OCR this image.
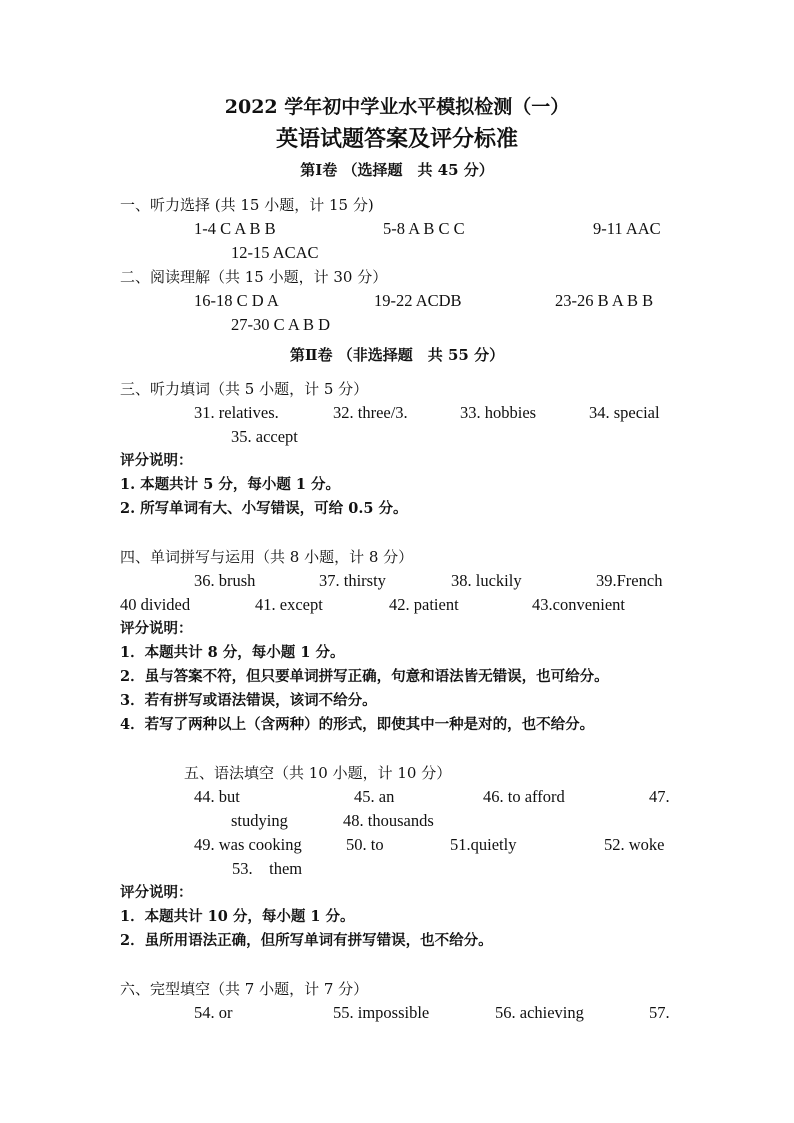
2022 学年初中学业水平模拟检测（一）
英语试题答案及评分标准
第Ⅰ卷 （选择题　共 45 分）
一、听力选择 (共 15 小题，计 15 分)
1-4 C A B B	5-8 A B C C	9-11 AAC
12-15 ACAC
二、阅读理解（共 15 小题，计 30 分）
16-18 C D A	19-22 ACDB	23-26 B A B B
27-30 C A B D
第Ⅱ卷 （非选择题　共 55 分）
三、听力填词（共 5 小题，计 5 分）
31. relatives.	32. three/3.	33. hobbies	34. special
35. accept
评分说明：
1. 本题共计 5 分，每小题 1 分。
2. 所写单词有大、小写错误，可给 0.5 分。
四、单词拼写与运用（共 8 小题，计 8 分）
36. brush	37. thirsty	38. luckily	39.French
40 divided	41. except	42. patient	43.convenient
评分说明：
1．本题共计 8 分，每小题 1 分。
2．虽与答案不符，但只要单词拼写正确，句意和语法皆无错误，也可给分。
3．若有拼写或语法错误，该词不给分。
4．若写了两种以上（含两种）的形式，即使其中一种是对的，也不给分。
五、语法填空（共 10 小题，计 10 分）
44. but	45. an	46. to afford	47.
studying	48. thousands
49. was cooking	50. to	51.quietly	52. woke
53.　them
评分说明：
1．本题共计 10 分，每小题 1 分。
2．虽所用语法正确，但所写单词有拼写错误，也不给分。
六、完型填空（共 7 小题，计 7 分）
54. or	55. impossible	56. achieving	57.
